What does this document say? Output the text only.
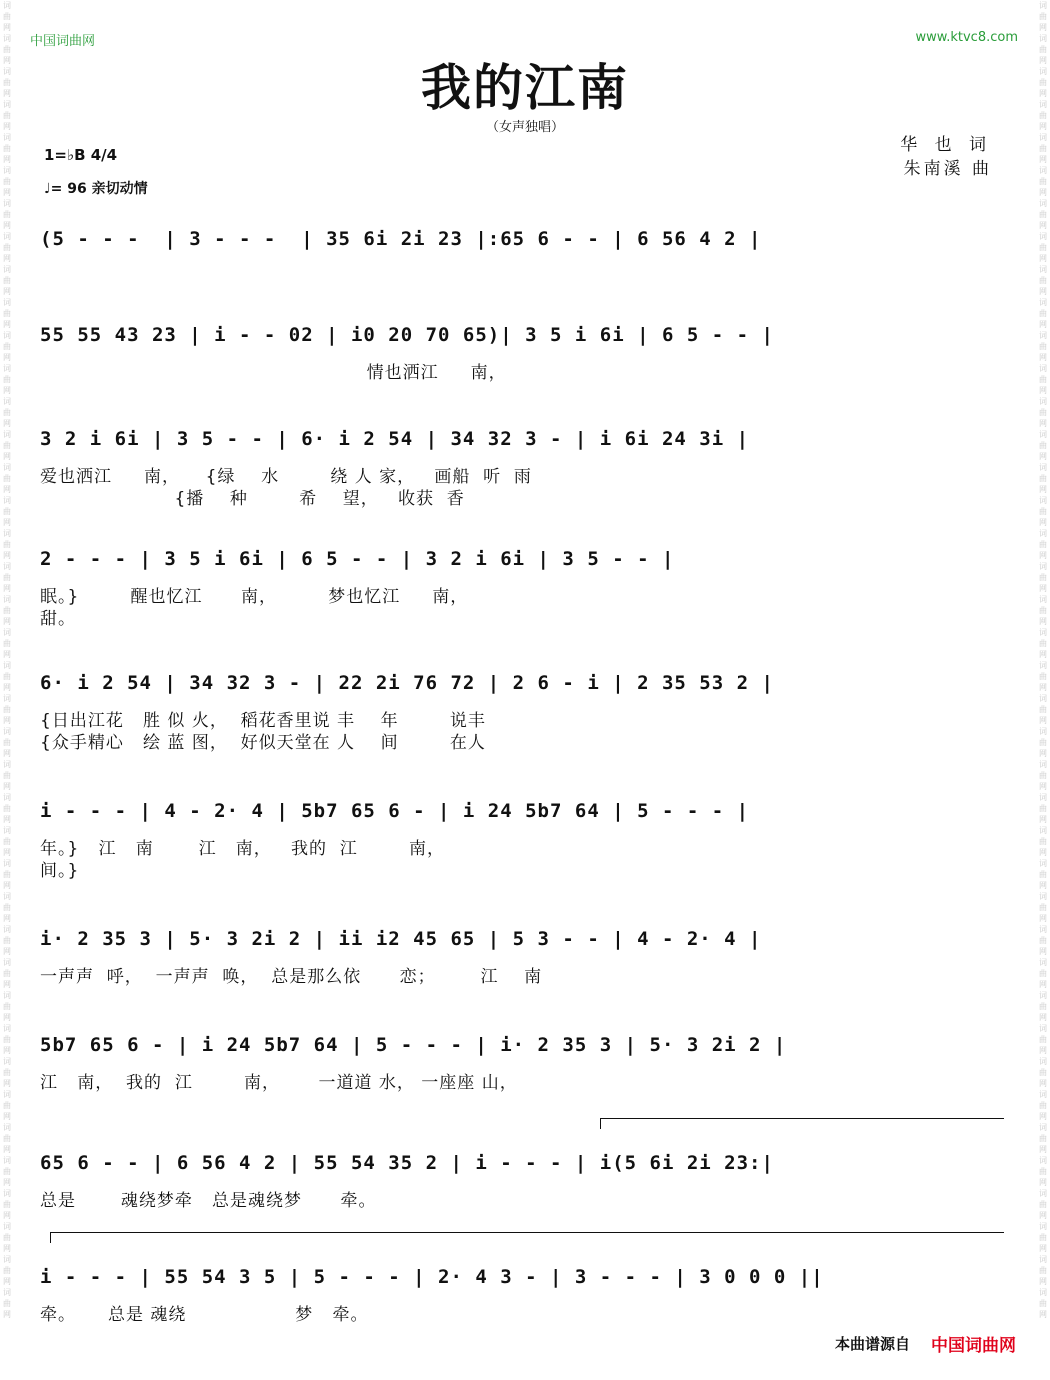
词曲网词曲网词曲网词曲网词曲网词曲网词曲网词曲网词曲网词曲网词曲网词曲网词曲网词曲网词曲网词曲网词曲网词曲网词曲网词曲网词曲网词曲网词曲网词曲网词曲网词曲网词曲网词曲网词曲网词曲网词曲网词曲网词曲网词曲网词曲网词曲网词曲网词曲网词曲网词曲网
词曲网词曲网词曲网词曲网词曲网词曲网词曲网词曲网词曲网词曲网词曲网词曲网词曲网词曲网词曲网词曲网词曲网词曲网词曲网词曲网词曲网词曲网词曲网词曲网词曲网词曲网词曲网词曲网词曲网词曲网词曲网词曲网词曲网词曲网词曲网词曲网词曲网词曲网词曲网词曲网
中国词曲网	www.ktvc8.com
我的江南
（女声独唱）
华 也 词
朱南溪 曲
1=♭B 4/4
♩= 96 亲切动情
(5 - - -  | 3 - - -  | 35 6i 2i 23 |:65 6 - - | 6 56 4 2 |
55 55 43 23 | i - - 02 | i0 20 70 65)| 3 5 i 6i | 6 5 - - |
情也洒江     南，
3 2 i 6i | 3 5 - - | 6· i 2 54 | 34 32 3 - | i 6i 24 3i |
爱也洒江     南，    {绿    水        绕 人 家，   画船  听  雨
{播    种        希    望，   收获  香
2 - - - | 3 5 i 6i | 6 5 - - | 3 2 i 6i | 3 5 - - |
眠。}        醒也忆江      南，        梦也忆江     南，
甜。
6· i 2 54 | 34 32 3 - | 22 2i 76 72 | 2 6 - i | 2 35 53 2 |
{日出江花   胜 似 火，  稻花香里说 丰    年        说丰
{众手精心   绘 蓝 图，  好似天堂在 人    间        在人
i - - - | 4 - 2· 4 | 5b7 65 6 - | i 24 5b7 64 | 5 - - - |
年。}   江   南       江   南，   我的  江        南，
间。}
i· 2 35 3 | 5· 3 2i 2 | ii i2 45 65 | 5 3 - - | 4 - 2· 4 |
一声声  呼，  一声声  唤，  总是那么依      恋；       江    南
5b7 65 6 - | i 24 5b7 64 | 5 - - - | i· 2 35 3 | 5· 3 2i 2 |
江   南，  我的  江        南，      一道道 水， 一座座 山，
65 6 - - | 6 56 4 2 | 55 54 35 2 | i - - - | i(5 6i 2i 23:|
总是       魂绕梦牵   总是魂绕梦      牵。
i - - - | 55 54 3 5 | 5 - - - | 2· 4 3 - | 3 - - - | 3 0 0 0 ||
牵。     总是 魂绕                 梦   牵。
本曲谱源自 中国词曲网
